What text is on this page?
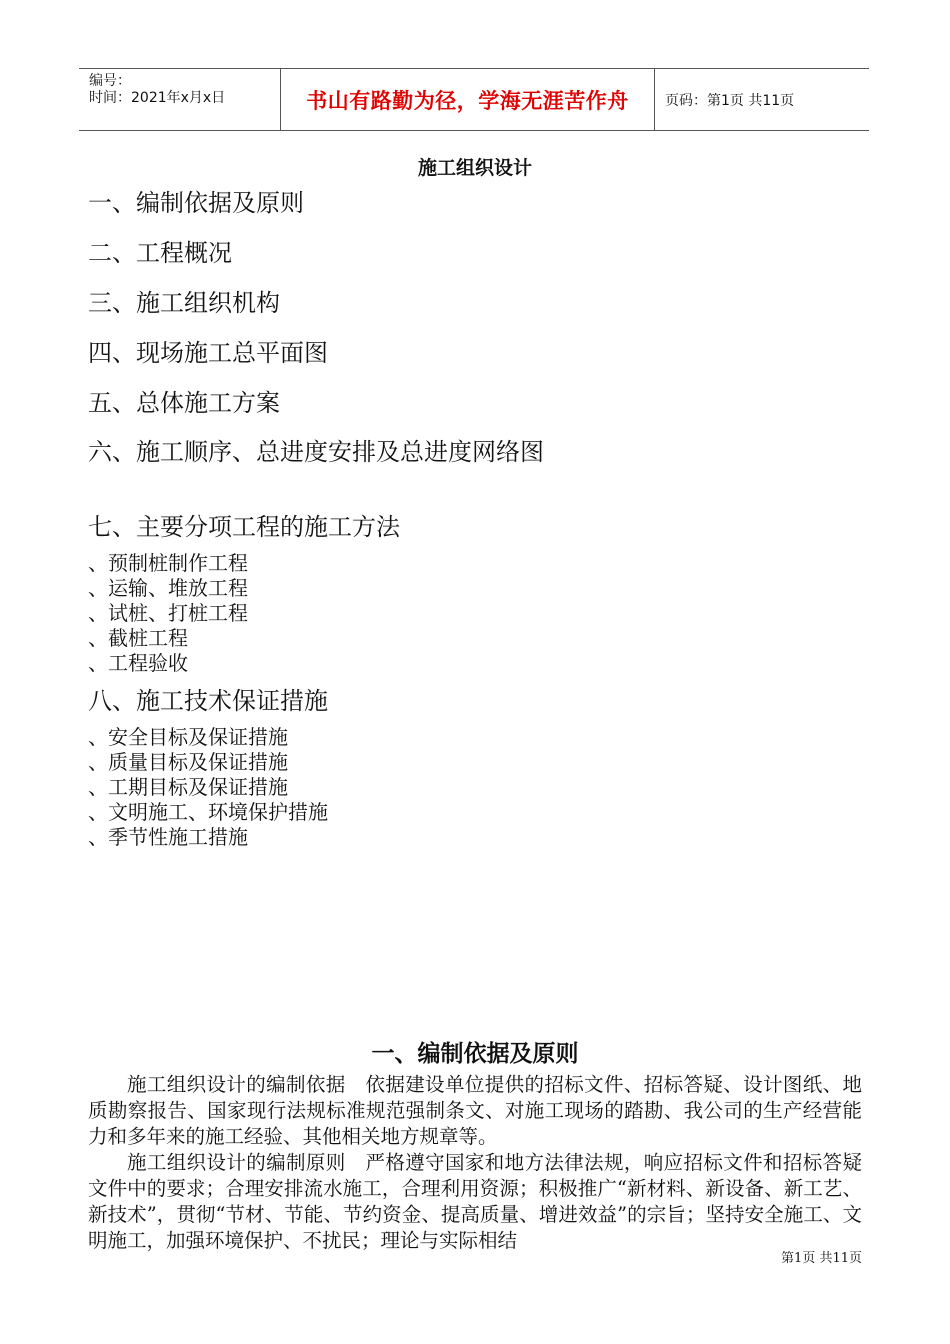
编号：
时间：2021年x月x日	书山有路勤为径，学海无涯苦作舟	页码：第1页 共11页
施工组织设计
一、编制依据及原则
二、工程概况
三、施工组织机构
四、现场施工总平面图
五、总体施工方案
六、施工顺序、总进度安排及总进度网络图
七、主要分项工程的施工方法
、预制桩制作工程
、运输、堆放工程
、试桩、打桩工程
、截桩工程
、工程验收
八、施工技术保证措施
、安全目标及保证措施
、质量目标及保证措施
、工期目标及保证措施
、文明施工、环境保护措施
、季节性施工措施
一、编制依据及原则

施工组织设计的编制依据　依据建设单位提供的招标文件、招标答疑、设计图纸、地质勘察报告、国家现行法规标准规范强制条文、对施工现场的踏勘、我公司的生产经营能力和多年来的施工经验、其他相关地方规章等。

施工组织设计的编制原则　严格遵守国家和地方法律法规，响应招标文件和招标答疑文件中的要求；合理安排流水施工，合理利用资源；积极推广“新材料、新设备、新工艺、新技术”，贯彻“节材、节能、节约资金、提高质量、增进效益”的宗旨；坚持安全施工、文明施工，加强环境保护、不扰民；理论与实际相结

第1页 共11页
